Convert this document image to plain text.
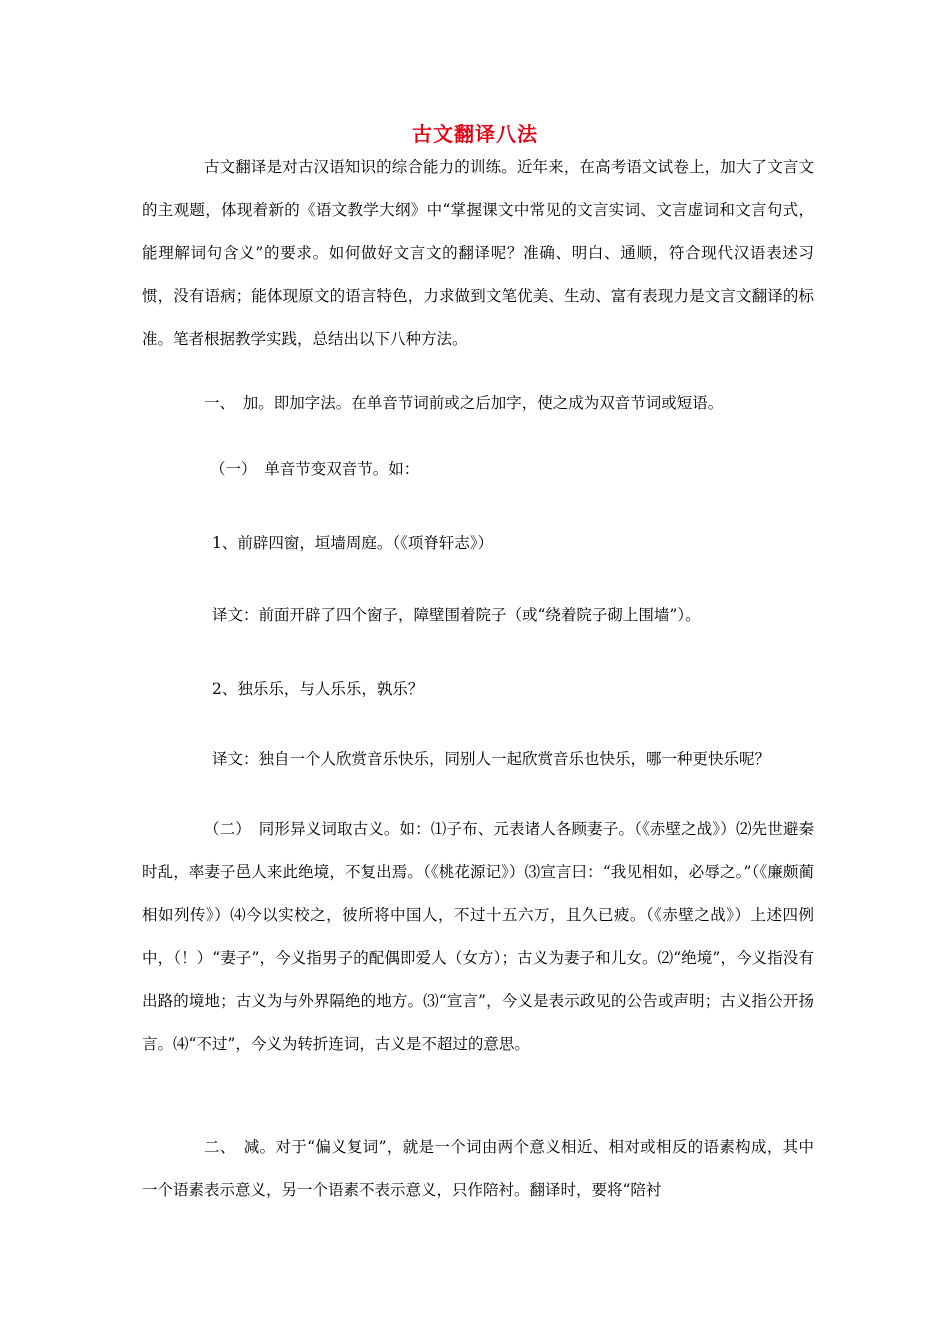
古文翻译八法

古文翻译是对古汉语知识的综合能力的训练。近年来，在高考语文试卷上，加大了文言文的主观题，体现着新的《语文教学大纲》中“掌握课文中常见的文言实词、文言虚词和文言句式，能理解词句含义”的要求。如何做好文言文的翻译呢？准确、明白、通顺，符合现代汉语表述习惯，没有语病；能体现原文的语言特色，力求做到文笔优美、生动、富有表现力是文言文翻译的标准。笔者根据教学实践，总结出以下八种方法。

一、　加。即加字法。在单音节词前或之后加字，使之成为双音节词或短语。

（一）　单音节变双音节。如：
1、前辟四窗，垣墙周庭。（《项脊轩志》）
译文：前面开辟了四个窗子，障壁围着院子（或“绕着院子砌上围墙”）。
2、独乐乐，与人乐乐，孰乐？
译文：独自一个人欣赏音乐快乐，同别人一起欣赏音乐也快乐，哪一种更快乐呢？

（二）　同形异义词取古义。如：⑴子布、元表诸人各顾妻子。（《赤壁之战》）⑵先世避秦时乱，率妻子邑人来此绝境，不复出焉。（《桃花源记》）⑶宣言曰：“我见相如，必辱之。”（《廉颇蔺相如列传》）⑷今以实校之，彼所将中国人，不过十五六万，且久已疲。（《赤壁之战》）上述四例中，（！）“妻子”，今义指男子的配偶即爱人（女方）；古义为妻子和儿女。⑵“绝境”，今义指没有出路的境地；古义为与外界隔绝的地方。⑶“宣言”，今义是表示政见的公告或声明；古义指公开扬言。⑷“不过”，今义为转折连词，古义是不超过的意思。

二、　减。对于“偏义复词”，就是一个词由两个意义相近、相对或相反的语素构成，其中一个语素表示意义，另一个语素不表示意义，只作陪衬。翻译时，要将“陪衬
